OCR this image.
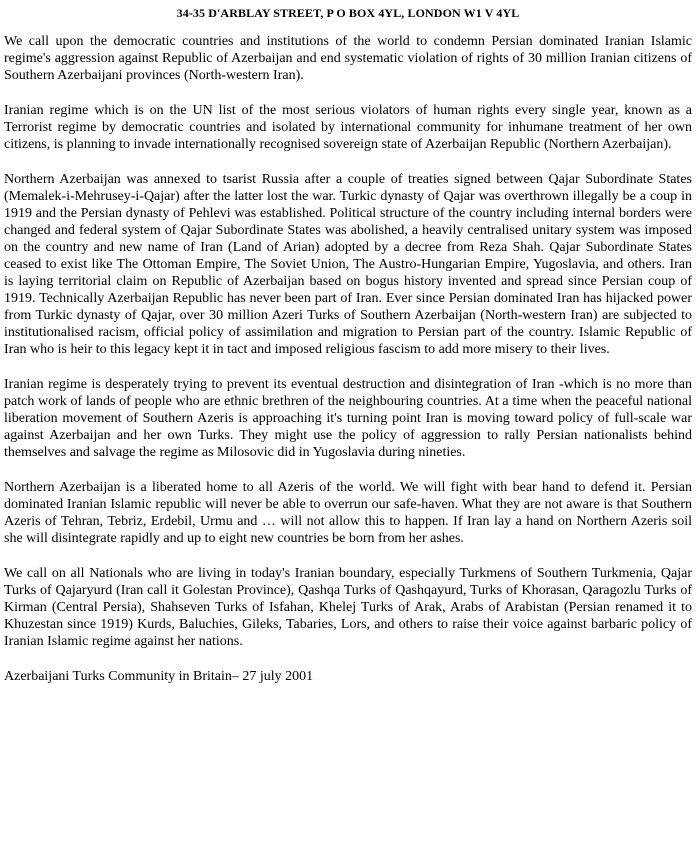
34-35 D'ARBLAY STREET, P O BOX 4YL, LONDON W1 V 4YL

We call upon the democratic countries and institutions of the world to condemn Persian dominated Iranian Islamic regime's aggression against Republic of Azerbaijan and end systematic violation of rights of 30 million Iranian citizens of Southern Azerbaijani provinces (North-western Iran).

Iranian regime which is on the UN list of the most serious violators of human rights every single year, known as a Terrorist regime by democratic countries and isolated by international community for inhumane treatment of her own citizens, is planning to invade internationally recognised sovereign state of Azerbaijan Republic (Northern Azerbaijan).

Northern Azerbaijan was annexed to tsarist Russia after a couple of treaties signed between Qajar Subordinate States (Memalek-i-Mehrusey-i-Qajar) after the latter lost the war. Turkic dynasty of Qajar was overthrown illegally be a coup in 1919 and the Persian dynasty of Pehlevi was established. Political structure of the country including internal borders were changed and federal system of Qajar Subordinate States was abolished, a heavily centralised unitary system was imposed on the country and new name of Iran (Land of Arian) adopted by a decree from Reza Shah. Qajar Subordinate States ceased to exist like The Ottoman Empire, The Soviet Union, The Austro-Hungarian Empire, Yugoslavia, and others. Iran is laying territorial claim on Republic of Azerbaijan based on bogus history invented and spread since Persian coup of 1919. Technically Azerbaijan Republic has never been part of Iran. Ever since Persian dominated Iran has hijacked power from Turkic dynasty of Qajar, over 30 million Azeri Turks of Southern Azerbaijan (North-western Iran) are subjected to institutionalised racism, official policy of assimilation and migration to Persian part of the country. Islamic Republic of Iran who is heir to this legacy kept it in tact and imposed religious fascism to add more misery to their lives.

Iranian regime is desperately trying to prevent its eventual destruction and disintegration of Iran -which is no more than patch work of lands of people who are ethnic brethren of the neighbouring countries. At a time when the peaceful national liberation movement of Southern Azeris is approaching it's turning point Iran is moving toward policy of full-scale war against Azerbaijan and her own Turks. They might use the policy of aggression to rally Persian nationalists behind themselves and salvage the regime as Milosovic did in Yugoslavia during nineties.

Northern Azerbaijan is a liberated home to all Azeris of the world. We will fight with bear hand to defend it. Persian dominated Iranian Islamic republic will never be able to overrun our safe-haven. What they are not aware is that Southern Azeris of Tehran, Tebriz, Erdebil, Urmu and … will not allow this to happen. If Iran lay a hand on Northern Azeris soil she will disintegrate rapidly and up to eight new countries be born from her ashes.

We call on all Nationals who are living in today's Iranian boundary, especially Turkmens of Southern Turkmenia, Qajar Turks of Qajaryurd (Iran call it Golestan Province), Qashqa Turks of Qashqayurd, Turks of Khorasan, Qaragozlu Turks of Kirman (Central Persia), Shahseven Turks of Isfahan, Khelej Turks of Arak, Arabs of Arabistan (Persian renamed it to Khuzestan since 1919) Kurds, Baluchies, Gileks, Tabaries, Lors, and others to raise their voice against barbaric policy of Iranian Islamic regime against her nations.

Azerbaijani Turks Community in Britain– 27 july 2001
